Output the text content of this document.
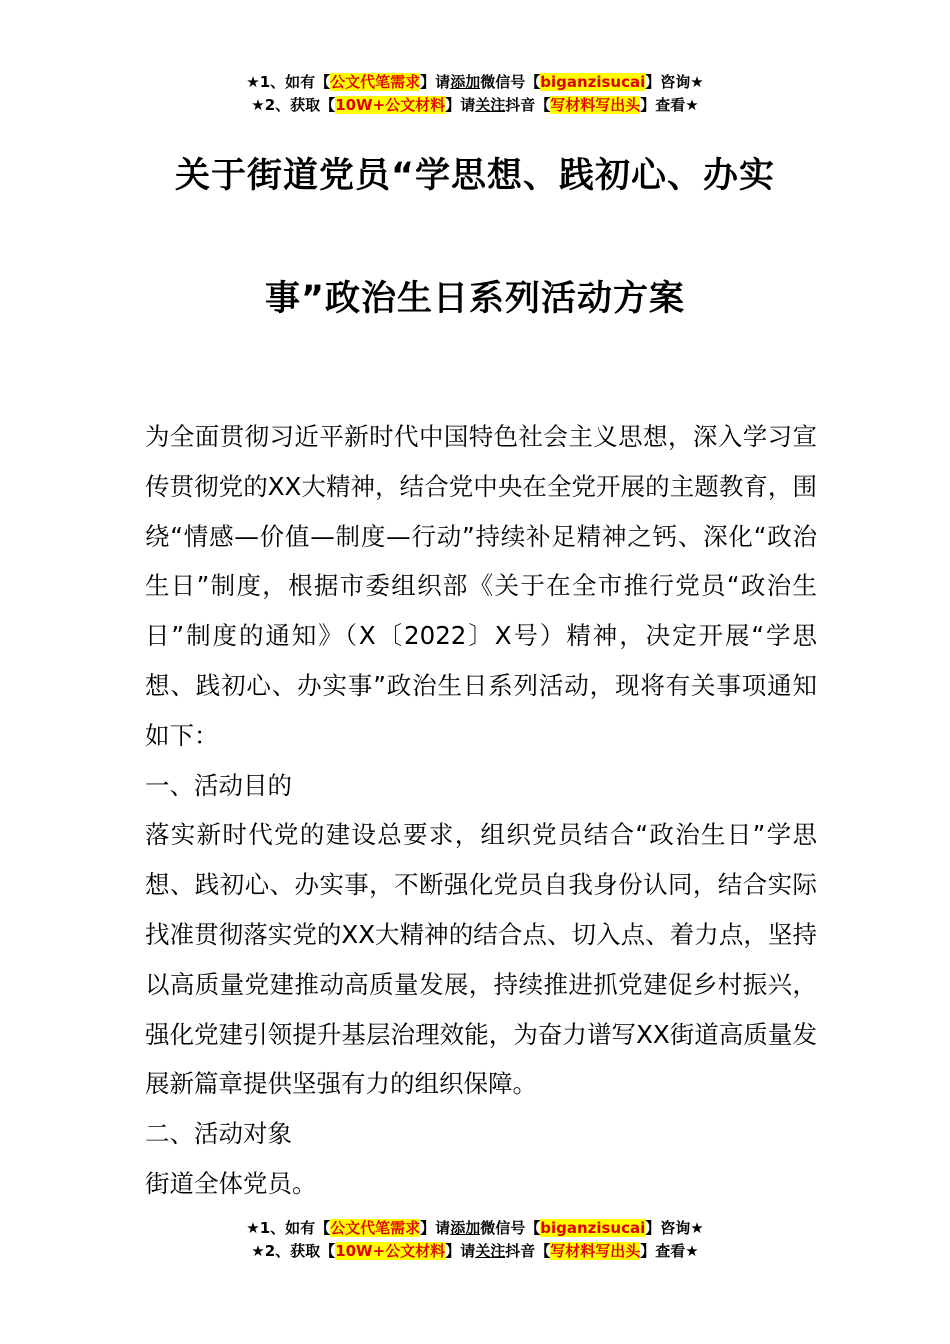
★1、如有【公文代笔需求】请添加微信号【biganzisucai】咨询★
★2、获取【10W+公文材料】请关注抖音【写材料写出头】查看★
关于街道党员“学思想、践初心、办实
事”政治生日系列活动方案

为全面贯彻习近平新时代中国特色社会主义思想，深入学习宣传贯彻党的XX大精神，结合党中央在全党开展的主题教育，围绕“情感—价值—制度—行动”持续补足精神之钙、深化“政治生日”制度，根据市委组织部《关于在全市推行党员“政治生日”制度的通知》（X〔2022〕X号）精神，决定开展“学思想、践初心、办实事”政治生日系列活动，现将有关事项通知如下：

一、活动目的

落实新时代党的建设总要求，组织党员结合“政治生日”学思想、践初心、办实事，不断强化党员自我身份认同，结合实际找准贯彻落实党的XX大精神的结合点、切入点、着力点，坚持以高质量党建推动高质量发展，持续推进抓党建促乡村振兴，强化党建引领提升基层治理效能，为奋力谱写XX街道高质量发展新篇章提供坚强有力的组织保障。

二、活动对象

街道全体党员。

★1、如有【公文代笔需求】请添加微信号【biganzisucai】咨询★
★2、获取【10W+公文材料】请关注抖音【写材料写出头】查看★
